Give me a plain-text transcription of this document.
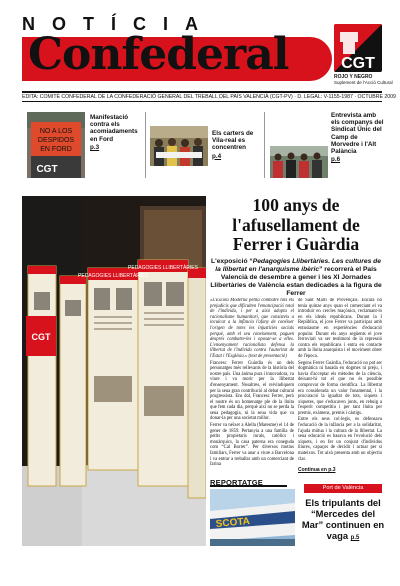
NOTÍCIA
Confederal	CGT
ROJO Y NEGRO
Suplement de l'Acció Cultural
EDITA: COMITÈ CONFEDERAL DE LA CONFEDERACIÓ GENERAL DEL TREBALL DEL PAÍS VALENCIÀ (CGT-PV) · D. LEGAL: V-1155-1987 · OCTUBRE 2009
NO A LOS
DESPIDOS
EN FORD
CGT
Manifestació contra els acomiadaments en Ford
p.3
Els carters de Vila-real es concentren
p.4
Entrevista amb els companys del Sindicat Únic del Camp de Morvedre i l'Alt Palància
p.6
PEDAGOGIES LLIBERTÀRIES
PEDAGOGIES LLIBERTÀRIES
CGT
100 anys de l'afusellament de Ferrer i Guàrdia
L'exposició “Pedagogies Llibertàries. Les cultures de la llibertat en l'anarquisme ibèric” recorrerà el País Valencià de desembre a gener i les XI Jornades Llibertàries de València estan dedicades a la figura de Ferrer

«L'Escola Moderna petita combatre tots els prejudicis que dificulten l'emancipació total de l'individu, i per a això adopta el racionalisme humanitari, que consisteix a inculcar a la infància l'afany de conéixer l'origen de totes les injustícies socials perquè, amb el seu coneixement, puguen després combatre-les i oposar-se a elles. L'ensenyament racionalista defensa la llibertat de l'individu contra l'autoritat de l'Estat i l'Església.» (text de presentació)

Francesc Ferrer Guàrdia és un dels personatges més rellevants de la història del nostre país. Una ànima pura i innovadora, va viure i va morir per la llibertat d'ensenyament. Nosaltres, el reivindiquem per la seua gran contribució al debat cultural progressista. Ens dol, Francesc Ferrer, però el nostre és un homenatge ple de la lluita que fem cada dia, perquè així no se perda la seua pedagogia, ni la seua vida que va donar-la per una societat millor.

Ferrer va néixer a Alella (Maresme) el 14 de gener de 1859. Pertanyia a una família de petits propietaris rurals, catòlics i monàrquics, la casa paterna era coneguda com “Cal Borrer”. Per diversos motius familiars, Ferrer va anar a viure a Barcelona i va entrar a treballar amb un comerciant de farina

de Sant Martí de Provençals. Encara no tenia quinze anys quan el comerciant el va introduir en cercles maçònics, reclamant-lo en els ideals republicans. Durant la I República, el jove Ferrer va participar amb entusiasme en experiències d'educació popular. Durant els anys següents el jove ferroviari va ser testimoni de la repressió contra els republicans i entra en contacte amb la lluita anarquista i el moviment obrer de l'època.

Segons Ferrer Guàrdia, l'educació no pot ser dogmàtica ni basada en dogmes ni preju, i havia d'acceptar els mètodes de la ciència, deixant-hi tot el que no és possible comprovar de forma científica. La llibertat era considerada un valor fonamental, i la procuració la igualtat de tots, xiquets i xiquetes, que s'educaven junts, en rebuig a l'esperit competitiu i per tant lluita per premis, exàmens, premis i càstigs.

Entre els seus col·legis, es defensava l'educació de la infància per a la solidaritat, l'ajuda mútua i la cultura de la llibertat. La seua educació es basava en l'evolució dels xiquets, i en fer un conjunt d'individus lliures, capaços de decidir i actuar per si mateixos. Tot això presenta amb un objectiu clar.

Continua en p.3
REPORTATGE
SCOTA
Port de València
Els tripulants del “Mercedes del Mar” continuen en vaga p.5
